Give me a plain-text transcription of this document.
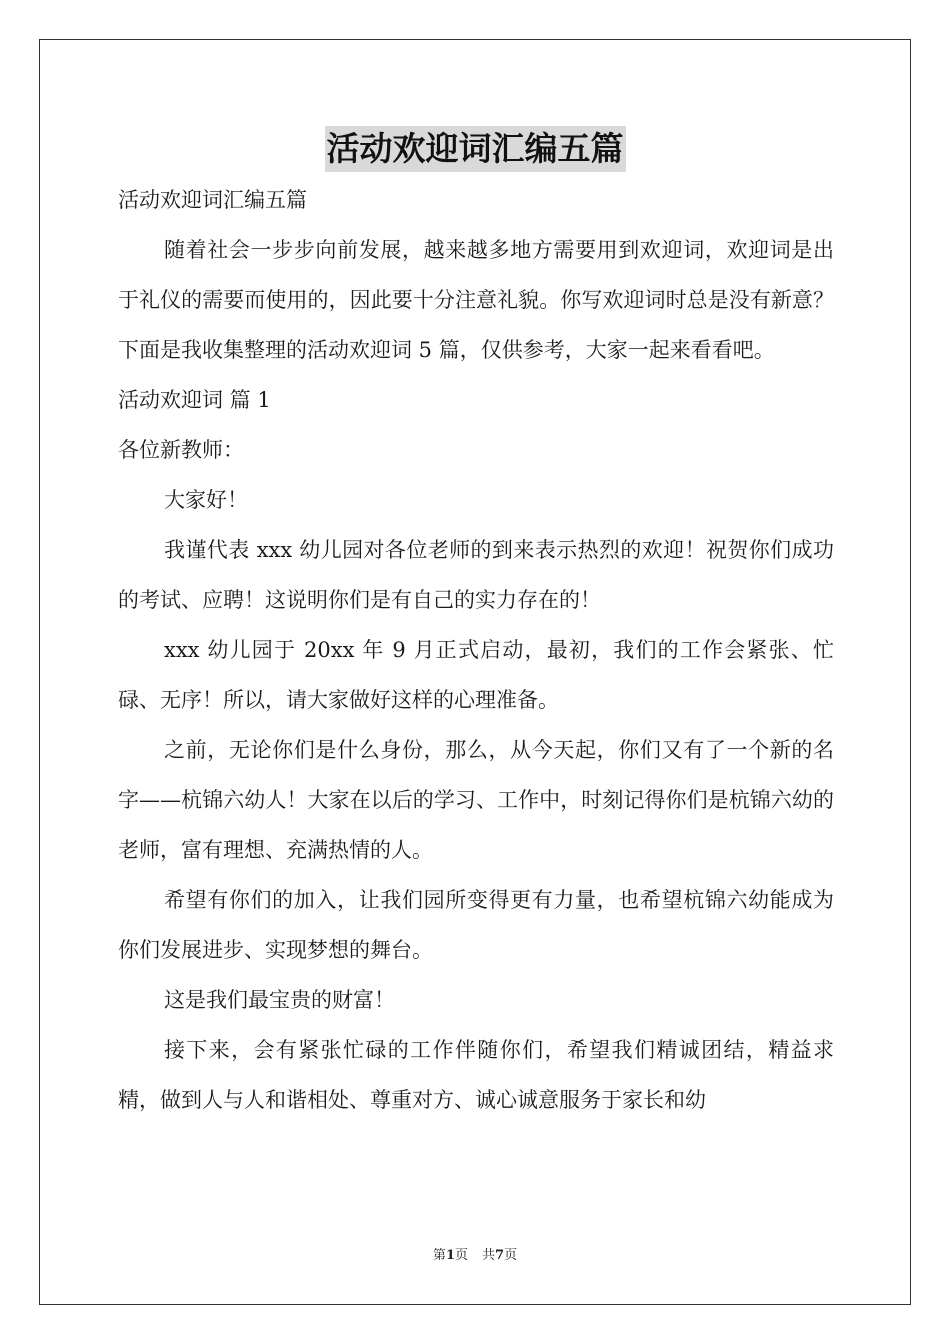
活动欢迎词汇编五篇

活动欢迎词汇编五篇

随着社会一步步向前发展，越来越多地方需要用到欢迎词，欢迎词是出于礼仪的需要而使用的，因此要十分注意礼貌。你写欢迎词时总是没有新意？下面是我收集整理的活动欢迎词 5 篇，仅供参考，大家一起来看看吧。

活动欢迎词 篇 1

各位新教师：

大家好！

我谨代表 xxx 幼儿园对各位老师的到来表示热烈的欢迎！祝贺你们成功的考试、应聘！这说明你们是有自己的实力存在的！

xxx 幼儿园于 20xx 年 9 月正式启动，最初，我们的工作会紧张、忙碌、无序！所以，请大家做好这样的心理准备。

之前，无论你们是什么身份，那么，从今天起，你们又有了一个新的名字——杭锦六幼人！大家在以后的学习、工作中，时刻记得你们是杭锦六幼的老师，富有理想、充满热情的人。

希望有你们的加入，让我们园所变得更有力量，也希望杭锦六幼能成为你们发展进步、实现梦想的舞台。

这是我们最宝贵的财富！

接下来，会有紧张忙碌的工作伴随你们，希望我们精诚团结，精益求精，做到人与人和谐相处、尊重对方、诚心诚意服务于家长和幼

第1页 共7页
